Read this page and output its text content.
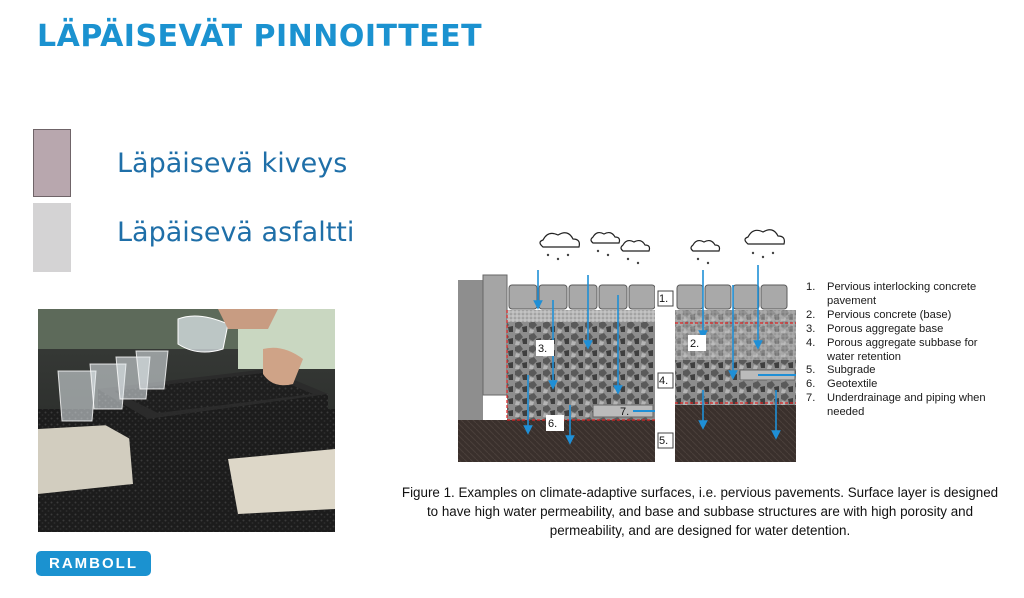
LÄPÄISEVÄT PINNOITTEET
Läpäisevä kiveys
Läpäisevä asfaltti
RAMBOLL
3.	2.
1.
4.
5.
6.
7.
1.	Pervious interlocking concrete pavement
2.	Pervious concrete (base)
3.	Porous aggregate base
4.	Porous aggregate subbase for water retention
5.	Subgrade
6.	Geotextile
7.	Underdrainage and piping when needed
Figure 1. Examples on climate-adaptive surfaces, i.e. pervious pavements. Surface layer is designed to have high water permeability, and base and subbase structures are with high porosity and permeability, and are designed for water detention.
